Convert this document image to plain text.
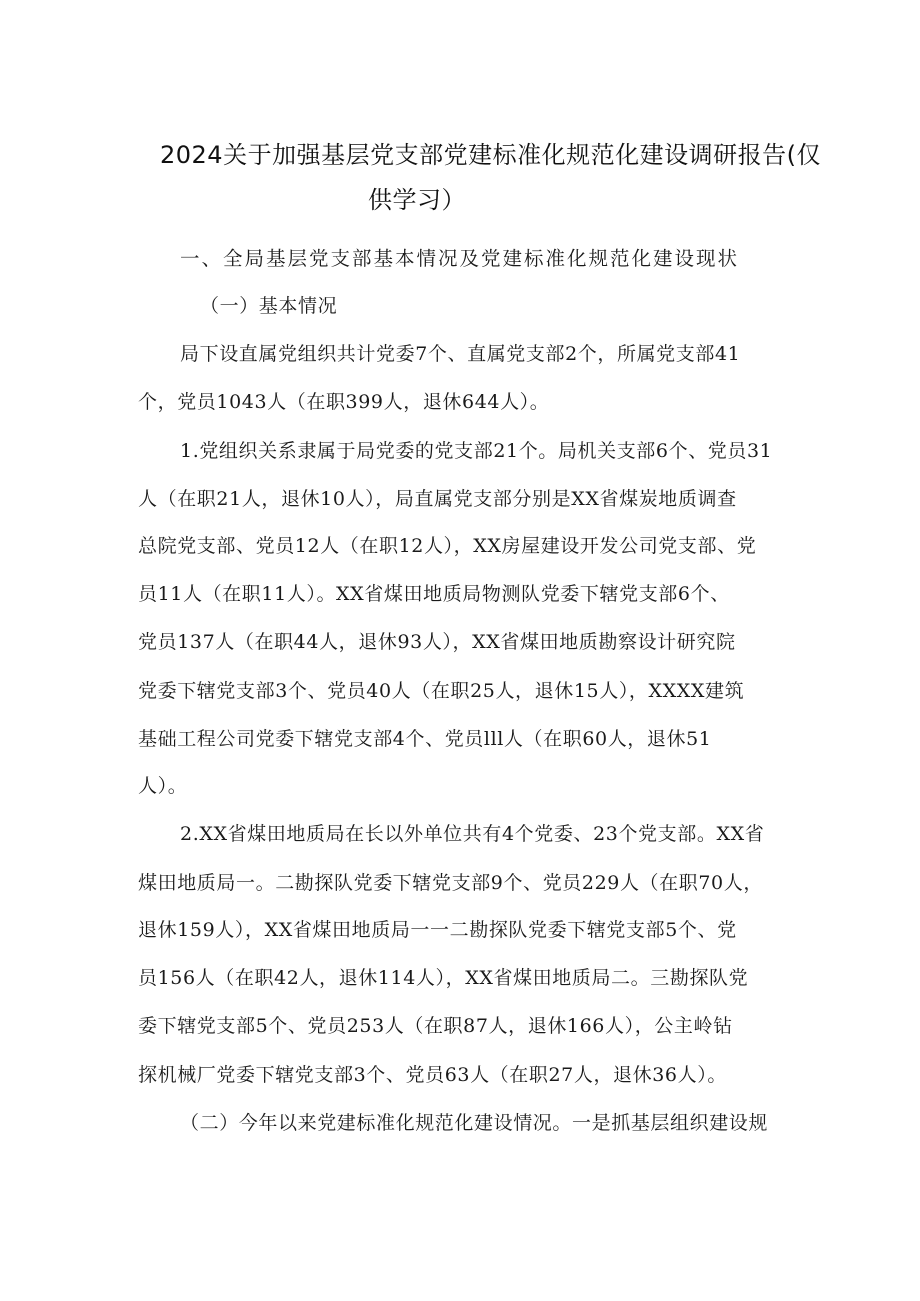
2024关于加强基层党支部党建标准化规范化建设调研报告(仅
供学习）
一、全局基层党支部基本情况及党建标准化规范化建设现状
（一）基本情况
局下设直属党组织共计党委7个、直属党支部2个，所属党支部41
个，党员1043人（在职399人，退休644人）。
1.党组织关系隶属于局党委的党支部21个。局机关支部6个、党员31
人（在职21人，退休10人），局直属党支部分别是XX省煤炭地质调查
总院党支部、党员12人（在职12人），XX房屋建设开发公司党支部、党
员11人（在职11人）。XX省煤田地质局物测队党委下辖党支部6个、
党员137人（在职44人，退休93人），XX省煤田地质勘察设计研究院
党委下辖党支部3个、党员40人（在职25人，退休15人），XXXX建筑
基础工程公司党委下辖党支部4个、党员lll人（在职60人，退休51
人）。
2.XX省煤田地质局在长以外单位共有4个党委、23个党支部。XX省
煤田地质局一。二勘探队党委下辖党支部9个、党员229人（在职70人，
退休159人），XX省煤田地质局一一二勘探队党委下辖党支部5个、党
员156人（在职42人，退休114人），XX省煤田地质局二。三勘探队党
委下辖党支部5个、党员253人（在职87人，退休166人），公主岭钻
探机械厂党委下辖党支部3个、党员63人（在职27人，退休36人）。
（二）今年以来党建标准化规范化建设情况。一是抓基层组织建设规
